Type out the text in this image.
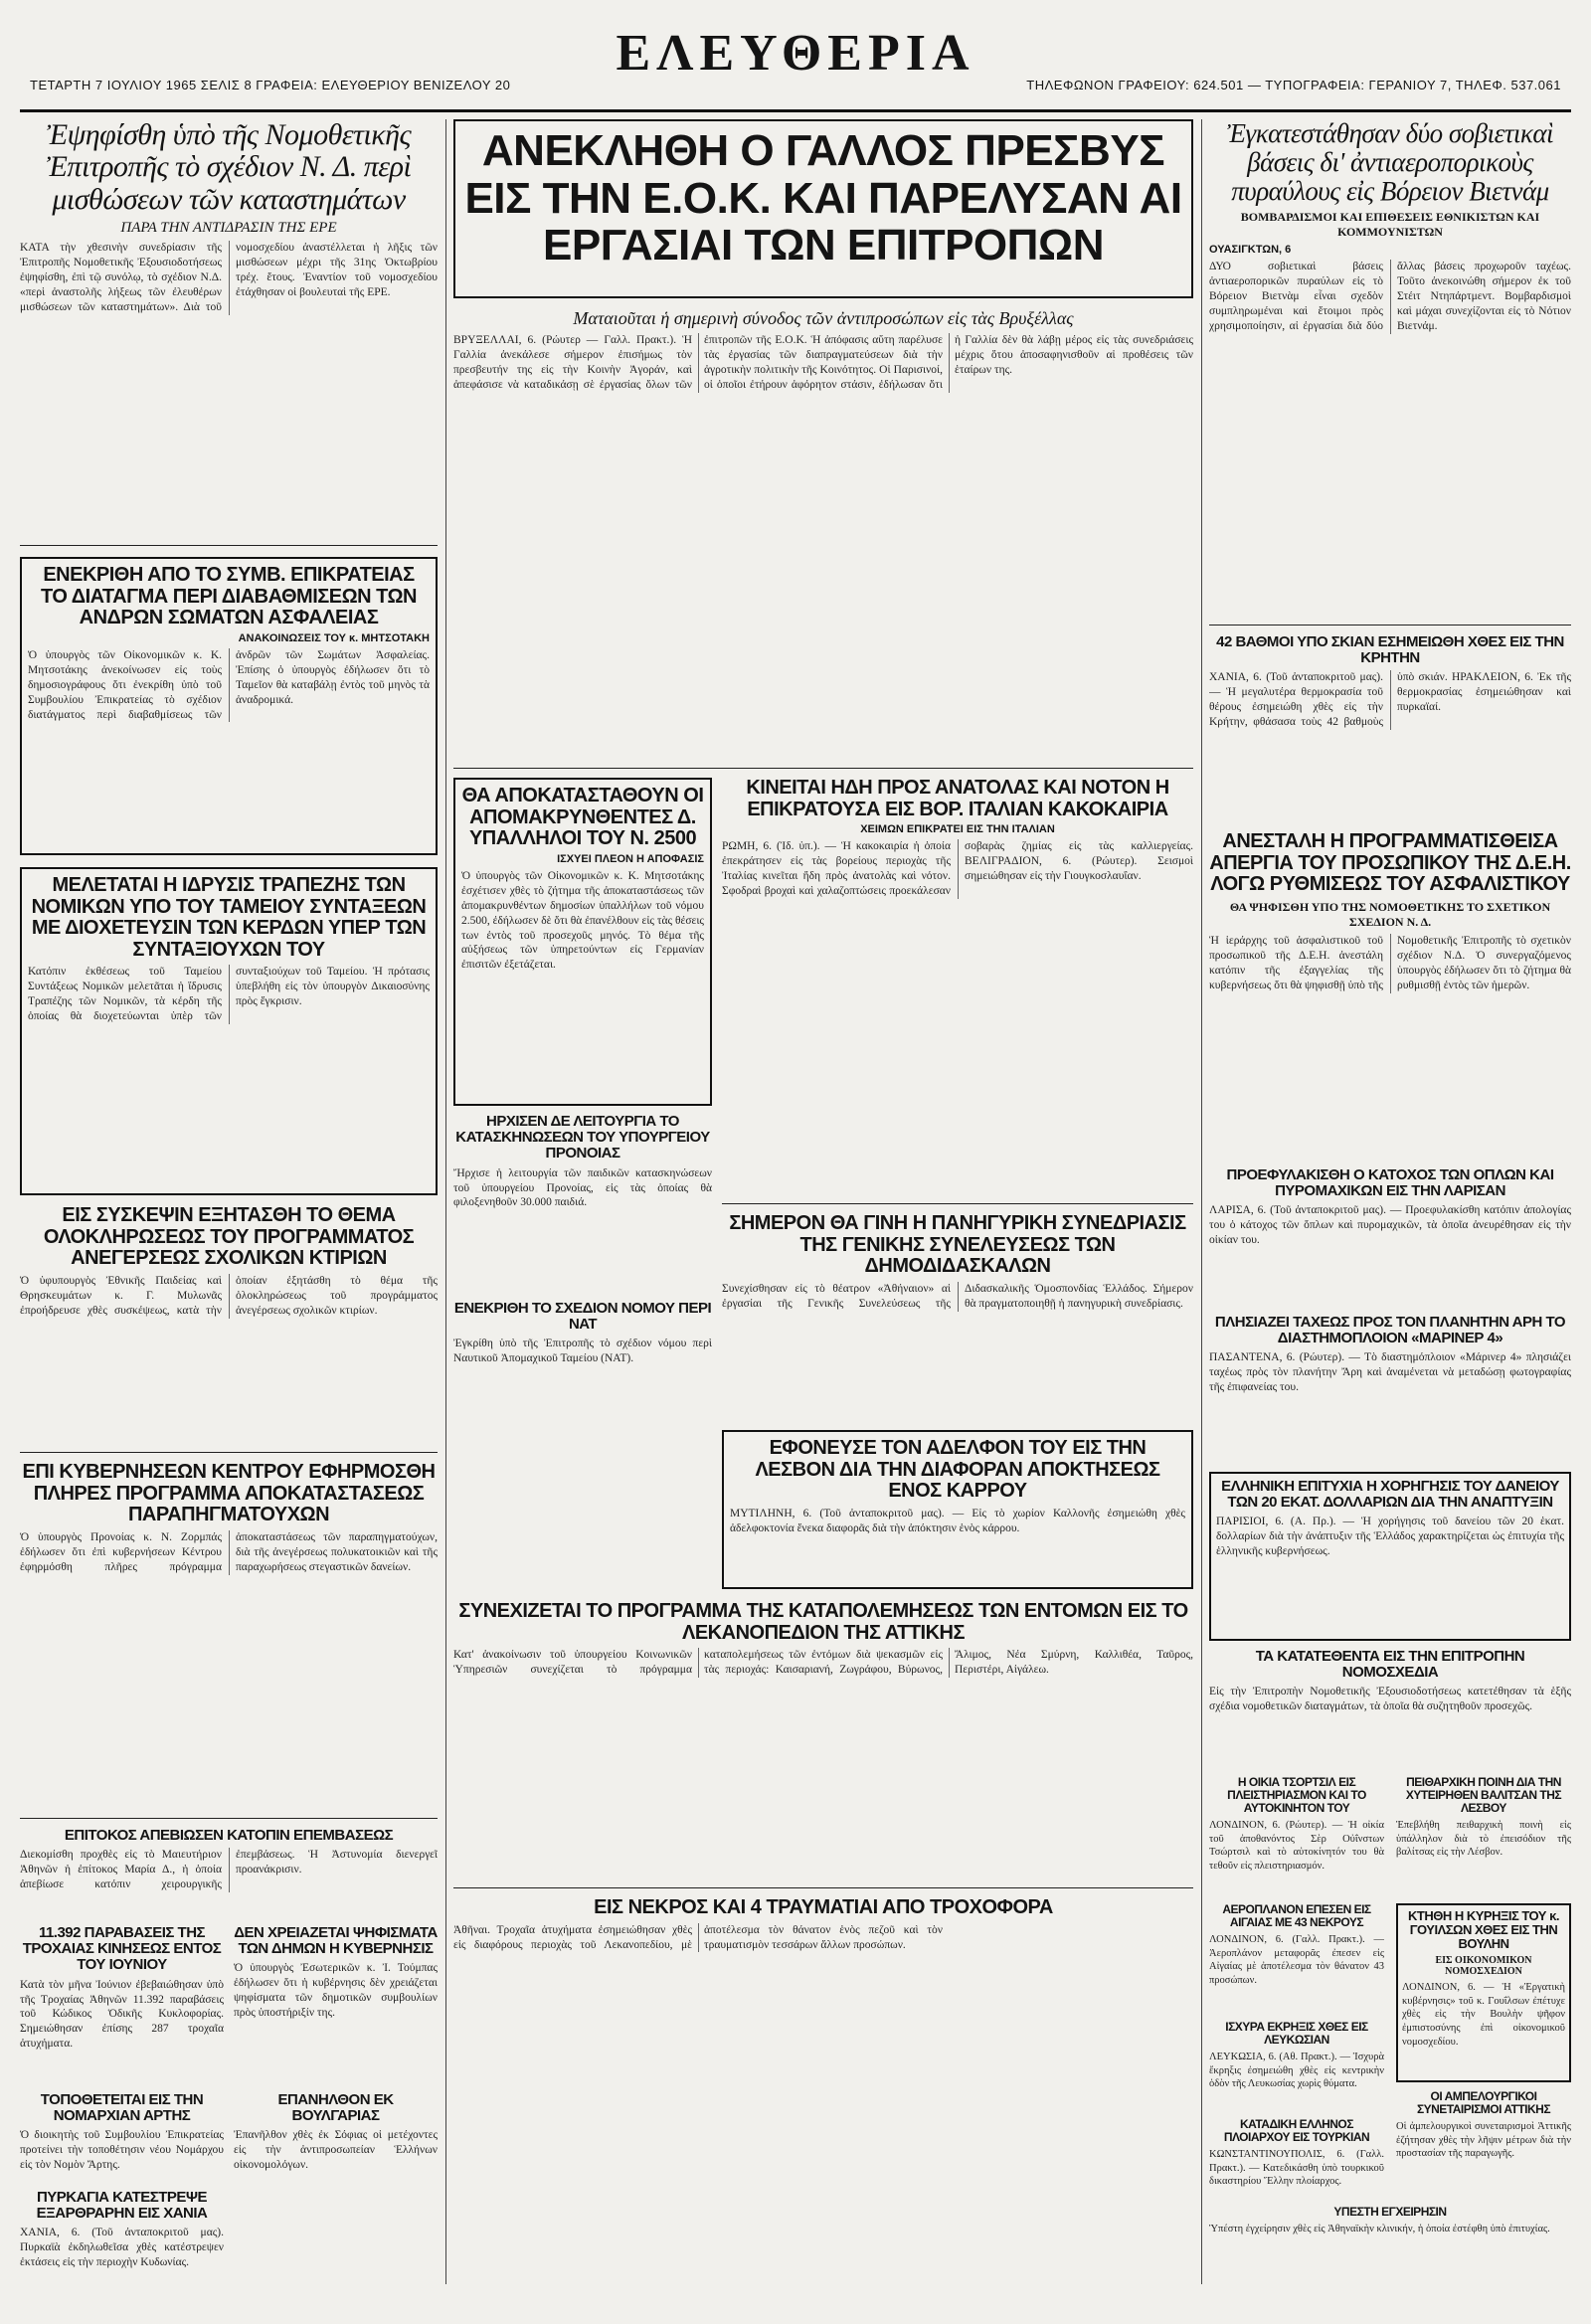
ΤΕΤΑΡΤΗ 7 ΙΟΥΛΙΟΥ 1965 ΣΕΛΙΣ 8 ΓΡΑΦΕΙΑ: ΕΛΕΥΘΕΡΙΟΥ ΒΕΝΙΖΕΛΟΥ 20
ΕΛΕΥΘΕΡΙΑ
ΤΗΛΕΦΩΝΟΝ ΓΡΑΦΕΙΟΥ: 624.501 — ΤΥΠΟΓΡΑΦΕΙΑ: ΓΕΡΑΝΙΟΥ 7, ΤΗΛΕΦ. 537.061
Ἐψηφίσθη ὑπὸ τῆς Νομοθετικῆς Ἐπιτροπῆς τὸ σχέδιον Ν. Δ. περὶ μισθώσεων τῶν καταστημάτων
ΠΑΡΑ ΤΗΝ ΑΝΤΙΔΡΑΣΙΝ ΤΗΣ ΕΡΕ
ΚΑΤΑ τὴν χθεσινὴν συνεδρίασιν τῆς Ἐπιτροπῆς Νομοθετικῆς Ἐξουσιοδοτήσεως ἐψηφίσθη, ἐπὶ τῷ συνόλῳ, τὸ σχέδιον Ν.Δ. «περὶ ἀναστολῆς λήξεως τῶν ἐλευθέρων μισθώσεων τῶν καταστημάτων». Διὰ τοῦ νομοσχεδίου ἀναστέλλεται ἡ λῆξις τῶν μισθώσεων μέχρι τῆς 31ης Ὀκτωβρίου τρέχ. ἔτους. Ἐναντίον τοῦ νομοσχεδίου ἐτάχθησαν οἱ βουλευταὶ τῆς ΕΡΕ.
ΕΝΕΚΡΙΘΗ ΑΠΟ ΤΟ ΣΥΜΒ. ΕΠΙΚΡΑΤΕΙΑΣ ΤΟ ΔΙΑΤΑΓΜΑ ΠΕΡΙ ΔΙΑΒΑΘΜΙΣΕΩΝ ΤΩΝ ΑΝΔΡΩΝ ΣΩΜΑΤΩΝ ΑΣΦΑΛΕΙΑΣ
ΑΝΑΚΟΙΝΩΣΕΙΣ ΤΟΥ κ. ΜΗΤΣΟΤΑΚΗ
Ὁ ὑπουργὸς τῶν Οἰκονομικῶν κ. Κ. Μητσοτάκης ἀνεκοίνωσεν εἰς τοὺς δημοσιογράφους ὅτι ἐνεκρίθη ὑπὸ τοῦ Συμβουλίου Ἐπικρατείας τὸ σχέδιον διατάγματος περὶ διαβαθμίσεως τῶν ἀνδρῶν τῶν Σωμάτων Ἀσφαλείας. Ἐπίσης ὁ ὑπουργὸς ἐδήλωσεν ὅτι τὸ Ταμεῖον θὰ καταβάλῃ ἐντὸς τοῦ μηνὸς τὰ ἀναδρομικά.
ΜΕΛΕΤΑΤΑΙ Η ΙΔΡΥΣΙΣ ΤΡΑΠΕΖΗΣ ΤΩΝ ΝΟΜΙΚΩΝ ΥΠΟ ΤΟΥ ΤΑΜΕΙΟΥ ΣΥΝΤΑΞΕΩΝ ΜΕ ΔΙΟΧΕΤΕΥΣΙΝ ΤΩΝ ΚΕΡΔΩΝ ΥΠΕΡ ΤΩΝ ΣΥΝΤΑΞΙΟΥΧΩΝ ΤΟΥ
Κατόπιν ἐκθέσεως τοῦ Ταμείου Συντάξεως Νομικῶν μελετᾶται ἡ ἵδρυσις Τραπέζης τῶν Νομικῶν, τὰ κέρδη τῆς ὁποίας θὰ διοχετεύωνται ὑπὲρ τῶν συνταξιούχων τοῦ Ταμείου. Ἡ πρότασις ὑπεβλήθη εἰς τὸν ὑπουργὸν Δικαιοσύνης πρὸς ἔγκρισιν.
ΕΙΣ ΣΥΣΚΕΨΙΝ ΕΞΗΤΑΣΘΗ ΤΟ ΘΕΜΑ ΟΛΟΚΛΗΡΩΣΕΩΣ ΤΟΥ ΠΡΟΓΡΑΜΜΑΤΟΣ ΑΝΕΓΕΡΣΕΩΣ ΣΧΟΛΙΚΩΝ ΚΤΙΡΙΩΝ
Ὁ ὑφυπουργὸς Ἐθνικῆς Παιδείας καὶ Θρησκευμάτων κ. Γ. Μυλωνᾶς ἐπροήδρευσε χθὲς συσκέψεως, κατὰ τὴν ὁποίαν ἐξητάσθη τὸ θέμα τῆς ὁλοκληρώσεως τοῦ προγράμματος ἀνεγέρσεως σχολικῶν κτιρίων.
ΕΠΙ ΚΥΒΕΡΝΗΣΕΩΝ ΚΕΝΤΡΟΥ ΕΦΗΡΜΟΣΘΗ ΠΛΗΡΕΣ ΠΡΟΓΡΑΜΜΑ ΑΠΟΚΑΤΑΣΤΑΣΕΩΣ ΠΑΡΑΠΗΓΜΑΤΟΥΧΩΝ
Ὁ ὑπουργὸς Προνοίας κ. Ν. Ζορμπάς ἐδήλωσεν ὅτι ἐπὶ κυβερνήσεων Κέντρου ἐφηρμόσθη πλῆρες πρόγραμμα ἀποκαταστάσεως τῶν παραπηγματούχων, διὰ τῆς ἀνεγέρσεως πολυκατοικιῶν καὶ τῆς παραχωρήσεως στεγαστικῶν δανείων.
ΕΠΙΤΟΚΟΣ ΑΠΕΒΙΩΣΕΝ ΚΑΤΟΠΙΝ ΕΠΕΜΒΑΣΕΩΣ
Διεκομίσθη προχθὲς εἰς τὸ Μαιευτήριον Ἀθηνῶν ἡ ἐπίτοκος Μαρία Δ., ἡ ὁποία ἀπεβίωσε κατόπιν χειρουργικῆς ἐπεμβάσεως. Ἡ Ἀστυνομία διενεργεῖ προανάκρισιν.
11.392 ΠΑΡΑΒΑΣΕΙΣ ΤΗΣ ΤΡΟΧΑΙΑΣ ΚΙΝΗΣΕΩΣ ΕΝΤΟΣ ΤΟΥ ΙΟΥΝΙΟΥ
Κατὰ τὸν μῆνα Ἰούνιον ἐβεβαιώθησαν ὑπὸ τῆς Τροχαίας Ἀθηνῶν 11.392 παραβάσεις τοῦ Κώδικος Ὁδικῆς Κυκλοφορίας. Σημειώθησαν ἐπίσης 287 τροχαῖα ἀτυχήματα.
ΔΕΝ ΧΡΕΙΑΖΕΤΑΙ ΨΗΦΙΣΜΑΤΑ ΤΩΝ ΔΗΜΩΝ Η ΚΥΒΕΡΝΗΣΙΣ
Ὁ ὑπουργὸς Ἐσωτερικῶν κ. Ἰ. Τούμπας ἐδήλωσεν ὅτι ἡ κυβέρνησις δὲν χρειάζεται ψηφίσματα τῶν δημοτικῶν συμβουλίων πρὸς ὑποστήριξίν της.
ΤΟΠΟΘΕΤΕΙΤΑΙ ΕΙΣ ΤΗΝ ΝΟΜΑΡΧΙΑΝ ΑΡΤΗΣ
Ὁ διοικητὴς τοῦ Συμβουλίου Ἐπικρατείας προτείνει τὴν τοποθέτησιν νέου Νομάρχου εἰς τὸν Νομὸν Ἄρτης.
ΠΥΡΚΑΓΙΑ ΚΑΤΕΣΤΡΕΨΕ ΕΞΑΡΘΡΑΡΗΝ ΕΙΣ ΧΑΝΙΑ
ΧΑΝΙΑ, 6. (Τοῦ ἀνταποκριτοῦ μας). Πυρκαϊὰ ἐκδηλωθεῖσα χθὲς κατέστρεψεν ἐκτάσεις εἰς τὴν περιοχὴν Κυδωνίας.
ΕΠΑΝΗΛΘΟΝ ΕΚ ΒΟΥΛΓΑΡΙΑΣ
Ἐπανῆλθον χθὲς ἐκ Σόφιας οἱ μετέχοντες εἰς τὴν ἀντιπροσωπείαν Ἑλλήνων οἰκονομολόγων.
ΑΝΕΚΛΗΘΗ Ο ΓΑΛΛΟΣ ΠΡΕΣΒΥΣ ΕΙΣ ΤΗΝ Ε.Ο.Κ. ΚΑΙ ΠΑΡΕΛΥΣΑΝ ΑΙ ΕΡΓΑΣΙΑΙ ΤΩΝ ΕΠΙΤΡΟΠΩΝ
Ματαιοῦται ἡ σημερινὴ σύνοδος τῶν ἀντιπροσώπων εἰς τὰς Βρυξέλλας
ΒΡΥΞΕΛΛΑΙ, 6. (Ρώυτερ — Γαλλ. Πρακτ.). Ἡ Γαλλία ἀνεκάλεσε σήμερον ἐπισήμως τὸν πρεσβευτήν της εἰς τὴν Κοινὴν Ἀγοράν, καὶ ἀπεφάσισε νὰ καταδικάσῃ σὲ ἐργασίας ὅλων τῶν ἐπιτροπῶν τῆς Ε.Ο.Κ. Ἡ ἀπόφασις αὕτη παρέλυσε τὰς ἐργασίας τῶν διαπραγματεύσεων διὰ τὴν ἀγροτικὴν πολιτικὴν τῆς Κοινότητος. Οἱ Παρισινοί, οἱ ὁποῖοι ἐτήρουν ἀφόρητον στάσιν, ἐδήλωσαν ὅτι ἡ Γαλλία δὲν θὰ λάβῃ μέρος εἰς τὰς συνεδριάσεις μέχρις ὅτου ἀποσαφηνισθοῦν αἱ προθέσεις τῶν ἑταίρων της.
ΘΑ ΑΠΟΚΑΤΑΣΤΑΘΟΥΝ ΟΙ ΑΠΟΜΑΚΡΥΝΘΕΝΤΕΣ Δ. ΥΠΑΛΛΗΛΟΙ ΤΟΥ Ν. 2500
ΙΣΧΥΕΙ ΠΛΕΟΝ Η ΑΠΟΦΑΣΙΣ
Ὁ ὑπουργὸς τῶν Οἰκονομικῶν κ. Κ. Μητσοτάκης ἐσχέτισεν χθὲς τὸ ζήτημα τῆς ἀποκαταστάσεως τῶν ἀπομακρυνθέντων δημοσίων ὑπαλλήλων τοῦ νόμου 2.500, ἐδήλωσεν δὲ ὅτι θὰ ἐπανέλθουν εἰς τὰς θέσεις των ἐντὸς τοῦ προσεχοῦς μηνός. Τὸ θέμα τῆς αὐξήσεως τῶν ὑπηρετούντων εἰς Γερμανίαν ἐπισιτῶν ἐξετάζεται.
ΗΡΧΙΣΕΝ ΔΕ ΛΕΙΤΟΥΡΓΙΑ ΤΟ ΚΑΤΑΣΚΗΝΩΣΕΩΝ ΤΟΥ ΥΠΟΥΡΓΕΙΟΥ ΠΡΟΝΟΙΑΣ
Ἤρχισε ἡ λειτουργία τῶν παιδικῶν κατασκηνώσεων τοῦ ὑπουργείου Προνοίας, εἰς τὰς ὁποίας θὰ φιλοξενηθοῦν 30.000 παιδιά.
ΕΝΕΚΡΙΘΗ ΤΟ ΣΧΕΔΙΟΝ ΝΟΜΟΥ ΠΕΡΙ ΝΑΤ
Ἐγκρίθη ὑπὸ τῆς Ἐπιτροπῆς τὸ σχέδιον νόμου περὶ Ναυτικοῦ Ἀπομαχικοῦ Ταμείου (ΝΑΤ).
ΚΙΝΕΙΤΑΙ ΗΔΗ ΠΡΟΣ ΑΝΑΤΟΛΑΣ ΚΑΙ ΝΟΤΟΝ Η ΕΠΙΚΡΑΤΟΥΣΑ ΕΙΣ ΒΟΡ. ΙΤΑΛΙΑΝ ΚΑΚΟΚΑΙΡΙΑ
ΧΕΙΜΩΝ ΕΠΙΚΡΑΤΕΙ ΕΙΣ ΤΗΝ ΙΤΑΛΙΑΝ
ΡΩΜΗ, 6. (Ἰδ. ὑπ.). — Ἡ κακοκαιρία ἡ ὁποία ἐπεκράτησεν εἰς τὰς βορείους περιοχὰς τῆς Ἰταλίας κινεῖται ἤδη πρὸς ἀνατολὰς καὶ νότον. Σφοδραὶ βροχαὶ καὶ χαλαζοπτώσεις προεκάλεσαν σοβαρὰς ζημίας εἰς τὰς καλλιεργείας. ΒΕΛΙΓΡΑΔΙΟΝ, 6. (Ρώυτερ). Σεισμοὶ σημειώθησαν εἰς τὴν Γιουγκοσλαυΐαν.
ΣΗΜΕΡΟΝ ΘΑ ΓΙΝΗ Η ΠΑΝΗΓΥΡΙΚΗ ΣΥΝΕΔΡΙΑΣΙΣ ΤΗΣ ΓΕΝΙΚΗΣ ΣΥΝΕΛΕΥΣΕΩΣ ΤΩΝ ΔΗΜΟΔΙΔΑΣΚΑΛΩΝ
Συνεχίσθησαν εἰς τὸ θέατρον «Ἀθήναιον» αἱ ἐργασίαι τῆς Γενικῆς Συνελεύσεως τῆς Διδασκαλικῆς Ὁμοσπονδίας Ἑλλάδος. Σήμερον θὰ πραγματοποιηθῇ ἡ πανηγυρικὴ συνεδρίασις.
ΕΦΟΝΕΥΣΕ ΤΟΝ ΑΔΕΛΦΟΝ ΤΟΥ ΕΙΣ ΤΗΝ ΛΕΣΒΟΝ ΔΙΑ ΤΗΝ ΔΙΑΦΟΡΑΝ ΑΠΟΚΤΗΣΕΩΣ ΕΝΟΣ ΚΑΡΡΟΥ
ΜΥΤΙΛΗΝΗ, 6. (Τοῦ ἀνταποκριτοῦ μας). — Εἰς τὸ χωρίον Καλλονῆς ἐσημειώθη χθὲς ἀδελφοκτονία ἕνεκα διαφορᾶς διὰ τὴν ἀπόκτησιν ἑνὸς κάρρου.
ΣΥΝΕΧΙΖΕΤΑΙ ΤΟ ΠΡΟΓΡΑΜΜΑ ΤΗΣ ΚΑΤΑΠΟΛΕΜΗΣΕΩΣ ΤΩΝ ΕΝΤΟΜΩΝ ΕΙΣ ΤΟ ΛΕΚΑΝΟΠΕΔΙΟΝ ΤΗΣ ΑΤΤΙΚΗΣ
Κατ' ἀνακοίνωσιν τοῦ ὑπουργείου Κοινωνικῶν Ὑπηρεσιῶν συνεχίζεται τὸ πρόγραμμα καταπολεμήσεως τῶν ἐντόμων διὰ ψεκασμῶν εἰς τὰς περιοχάς: Καισαριανή, Ζωγράφου, Βύρωνος, Ἄλιμος, Νέα Σμύρνη, Καλλιθέα, Ταῦρος, Περιστέρι, Αἰγάλεω.
ΕΙΣ ΝΕΚΡΟΣ ΚΑΙ 4 ΤΡΑΥΜΑΤΙΑΙ ΑΠΟ ΤΡΟΧΟΦΟΡΑ
Ἀθῆναι. Τροχαῖα ἀτυχήματα ἐσημειώθησαν χθὲς εἰς διαφόρους περιοχὰς τοῦ Λεκανοπεδίου, μὲ ἀποτέλεσμα τὸν θάνατον ἑνὸς πεζοῦ καὶ τὸν τραυματισμὸν τεσσάρων ἄλλων προσώπων.
Ἐγκατεστάθησαν δύο σοβιετικαὶ βάσεις δι' ἀντιαεροπορικοὺς πυραύλους εἰς Βόρειον Βιετνάμ
ΒΟΜΒΑΡΔΙΣΜΟΙ ΚΑΙ ΕΠΙΘΕΣΕΙΣ ΕΘΝΙΚΙΣΤΩΝ ΚΑΙ ΚΟΜΜΟΥΝΙΣΤΩΝ
ΟΥΑΣΙΓΚΤΩΝ, 6
ΔΥΟ σοβιετικαὶ βάσεις ἀντιαεροπορικῶν πυραύλων εἰς τὸ Βόρειον Βιετνὰμ εἶναι σχεδὸν συμπληρωμέναι καὶ ἕτοιμοι πρὸς χρησιμοποίησιν, αἱ ἐργασίαι διὰ δύο ἄλλας βάσεις προχωροῦν ταχέως. Τοῦτο ἀνεκοινώθη σήμερον ἐκ τοῦ Στέιτ Ντηπάρτμεντ. Βομβαρδισμοὶ καὶ μάχαι συνεχίζονται εἰς τὸ Νότιον Βιετνάμ.
42 ΒΑΘΜΟΙ ΥΠΟ ΣΚΙΑΝ ΕΣΗΜΕΙΩΘΗ ΧΘΕΣ ΕΙΣ ΤΗΝ ΚΡΗΤΗΝ
ΧΑΝΙΑ, 6. (Τοῦ ἀνταποκριτοῦ μας). — Ἡ μεγαλυτέρα θερμοκρασία τοῦ θέρους ἐσημειώθη χθὲς εἰς τὴν Κρήτην, φθάσασα τοὺς 42 βαθμοὺς ὑπὸ σκιάν. ΗΡΑΚΛΕΙΟΝ, 6. Ἐκ τῆς θερμοκρασίας ἐσημειώθησαν καὶ πυρκαϊαί.
ΑΝΕΣΤΑΛΗ Η ΠΡΟΓΡΑΜΜΑΤΙΣΘΕΙΣΑ ΑΠΕΡΓΙΑ ΤΟΥ ΠΡΟΣΩΠΙΚΟΥ ΤΗΣ Δ.Ε.Η. ΛΟΓΩ ΡΥΘΜΙΣΕΩΣ ΤΟΥ ΑΣΦΑΛΙΣΤΙΚΟΥ
ΘΑ ΨΗΦΙΣΘΗ ΥΠΟ ΤΗΣ ΝΟΜΟΘΕΤΙΚΗΣ ΤΟ ΣΧΕΤΙΚΟΝ ΣΧΕΔΙΟΝ Ν. Δ.
Ἡ ἱεράρχης τοῦ ἀσφαλιστικοῦ τοῦ προσωπικοῦ τῆς Δ.Ε.Η. ἀνεστάλη κατόπιν τῆς ἐξαγγελίας τῆς κυβερνήσεως ὅτι θὰ ψηφισθῇ ὑπὸ τῆς Νομοθετικῆς Ἐπιτροπῆς τὸ σχετικὸν σχέδιον Ν.Δ. Ὁ συνεργαζόμενος ὑπουργὸς ἐδήλωσεν ὅτι τὸ ζήτημα θὰ ρυθμισθῇ ἐντὸς τῶν ἡμερῶν.
ΠΡΟΕΦΥΛΑΚΙΣΘΗ Ο ΚΑΤΟΧΟΣ ΤΩΝ ΟΠΛΩΝ ΚΑΙ ΠΥΡΟΜΑΧΙΚΩΝ ΕΙΣ ΤΗΝ ΛΑΡΙΣΑΝ
ΛΑΡΙΣΑ, 6. (Τοῦ ἀνταποκριτοῦ μας). — Προεφυλακίσθη κατόπιν ἀπολογίας του ὁ κάτοχος τῶν ὅπλων καὶ πυρομαχικῶν, τὰ ὁποῖα ἀνευρέθησαν εἰς τὴν οἰκίαν του.
ΠΛΗΣΙΑΖΕΙ ΤΑΧΕΩΣ ΠΡΟΣ ΤΟΝ ΠΛΑΝΗΤΗΝ ΑΡΗ ΤΟ ΔΙΑΣΤΗΜΟΠΛΟΙΟΝ «ΜΑΡΙΝΕΡ 4»
ΠΑΣΑΝΤΕΝΑ, 6. (Ρώυτερ). — Τὸ διαστημόπλοιον «Μάρινερ 4» πλησιάζει ταχέως πρὸς τὸν πλανήτην Ἄρη καὶ ἀναμένεται νὰ μεταδώσῃ φωτογραφίας τῆς ἐπιφανείας του.
ΕΛΛΗΝΙΚΗ ΕΠΙΤΥΧΙΑ Η ΧΟΡΗΓΗΣΙΣ ΤΟΥ ΔΑΝΕΙΟΥ ΤΩΝ 20 ΕΚΑΤ. ΔΟΛΛΑΡΙΩΝ ΔΙΑ ΤΗΝ ΑΝΑΠΤΥΞΙΝ
ΠΑΡΙΣΙΟΙ, 6. (Α. Πρ.). — Ἡ χορήγησις τοῦ δανείου τῶν 20 ἑκατ. δολλαρίων διὰ τὴν ἀνάπτυξιν τῆς Ἑλλάδος χαρακτηρίζεται ὡς ἐπιτυχία τῆς ἑλληνικῆς κυβερνήσεως.
ΤΑ ΚΑΤΑΤΕΘΕΝΤΑ ΕΙΣ ΤΗΝ ΕΠΙΤΡΟΠΗΝ ΝΟΜΟΣΧΕΔΙΑ
Εἰς τὴν Ἐπιτροπὴν Νομοθετικῆς Ἐξουσιοδοτήσεως κατετέθησαν τὰ ἑξῆς σχέδια νομοθετικῶν διαταγμάτων, τὰ ὁποῖα θὰ συζητηθοῦν προσεχῶς.
Η ΟΙΚΙΑ ΤΣΟΡΤΣΙΛ ΕΙΣ ΠΛΕΙΣΤΗΡΙΑΣΜΟΝ ΚΑΙ ΤΟ ΑΥΤΟΚΙΝΗΤΟΝ ΤΟΥ
ΛΟΝΔΙΝΟΝ, 6. (Ρώυτερ). — Ἡ οἰκία τοῦ ἀποθανόντος Σὲρ Οὐΐνστων Τσώρτσιλ καὶ τὸ αὐτοκίνητόν του θὰ τεθοῦν εἰς πλειστηριασμόν.
ΠΕΙΘΑΡΧΙΚΗ ΠΟΙΝΗ ΔΙΑ ΤΗΝ ΧΥΤΕΙΡΗΘΕΝ ΒΑΛΙΤΣΑΝ ΤΗΣ ΛΕΣΒΟΥ
Ἐπεβλήθη πειθαρχικὴ ποινὴ εἰς ὑπάλληλον διὰ τὸ ἐπεισόδιον τῆς βαλίτσας εἰς τὴν Λέσβον.
ΑΕΡΟΠΛΑΝΟΝ ΕΠΕΣΕΝ ΕΙΣ ΑΙΓΑΙΑΣ ΜΕ 43 ΝΕΚΡΟΥΣ
ΛΟΝΔΙΝΟΝ, 6. (Γαλλ. Πρακτ.). — Ἀεροπλάνον μεταφορᾶς ἐπεσεν εἰς Αἰγαίας μὲ ἀποτέλεσμα τὸν θάνατον 43 προσώπων.
ΚΤΗΘΗ Η ΚΥΡΗΞΙΣ ΤΟΥ κ. ΓΟΥΙΛΣΩΝ ΧΘΕΣ ΕΙΣ ΤΗΝ ΒΟΥΛΗΝ
ΕΙΣ ΟΙΚΟΝΟΜΙΚΟΝ ΝΟΜΟΣΧΕΔΙΟΝ
ΛΟΝΔΙΝΟΝ, 6. — Ἡ «Ἐργατικὴ κυβέρνησις» τοῦ κ. Γουΐλσων ἐπέτυχε χθὲς εἰς τὴν Βουλὴν ψῆφον ἐμπιστοσύνης ἐπὶ οἰκονομικοῦ νομοσχεδίου.
ΙΣΧΥΡΑ ΕΚΡΗΞΙΣ ΧΘΕΣ ΕΙΣ ΛΕΥΚΩΣΙΑΝ
ΛΕΥΚΩΣΙΑ, 6. (Αθ. Πρακτ.). — Ἰσχυρὰ ἔκρηξις ἐσημειώθη χθὲς εἰς κεντρικὴν ὁδὸν τῆς Λευκωσίας χωρὶς θύματα.
ΚΑΤΑΔΙΚΗ ΕΛΛΗΝΟΣ ΠΛΟΙΑΡΧΟΥ ΕΙΣ ΤΟΥΡΚΙΑΝ
ΚΩΝΣΤΑΝΤΙΝΟΥΠΟΛΙΣ, 6. (Γαλλ. Πρακτ.). — Κατεδικάσθη ὑπὸ τουρκικοῦ δικαστηρίου Ἕλλην πλοίαρχος.
ΟΙ ΑΜΠΕΛΟΥΡΓΙΚΟΙ ΣΥΝΕΤΑΙΡΙΣΜΟΙ ΑΤΤΙΚΗΣ
Οἱ ἀμπελουργικοὶ συνεταιρισμοὶ Ἀττικῆς ἐζήτησαν χθὲς τὴν λῆψιν μέτρων διὰ τὴν προστασίαν τῆς παραγωγῆς.
ΥΠΕΣΤΗ ΕΓΧΕΙΡΗΣΙΝ
Ὑπέστη ἐγχείρησιν χθὲς εἰς Ἀθηναϊκὴν κλινικήν, ἡ ὁποία ἐστέφθη ὑπὸ ἐπιτυχίας.
